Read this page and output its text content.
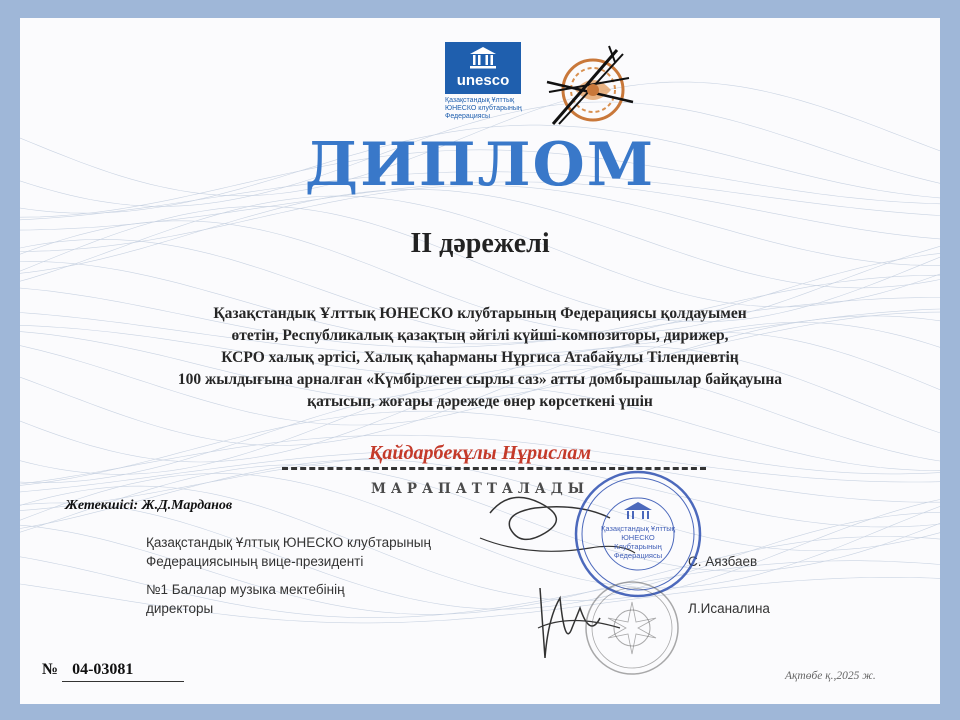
unesco
Қазақстандық Ұлттық
ЮНЕСКО клубтарының
Федерациясы
ДИПЛОМ
II дәрежелі
Қазақстандық Ұлттық ЮНЕСКО клубтарының Федерациясы қолдауымен
өтетін, Республикалық қазақтың әйгілі күйші-композиторы, дирижер,
КСРО халық әртісі, Халық қаһармaны Нұргиса Атабайұлы Тілендиевтің
100 жылдығына арналған «Күмбірлеген сырлы саз» атты домбырашылар байқауына
қатысып, жоғары дәрежеде өнер көрсеткені үшін
Қайдарбекұлы Нұрислам
МАРАПАТТАЛАДЫ
Жетекшісі: Ж.Д.Марданов
Қазақстандық Ұлттық ЮНЕСКО клубтарының
Федерациясының вице-президенті
№1 Балалар музыка мектебінің
директоры
С. Аязбаев
Л.Исаналина
Қазақстандық Ұлттық
ЮНЕСКО
Клубтарының
Федерациясы
№ 04-03081	Ақтөбе қ.,2025 ж.
